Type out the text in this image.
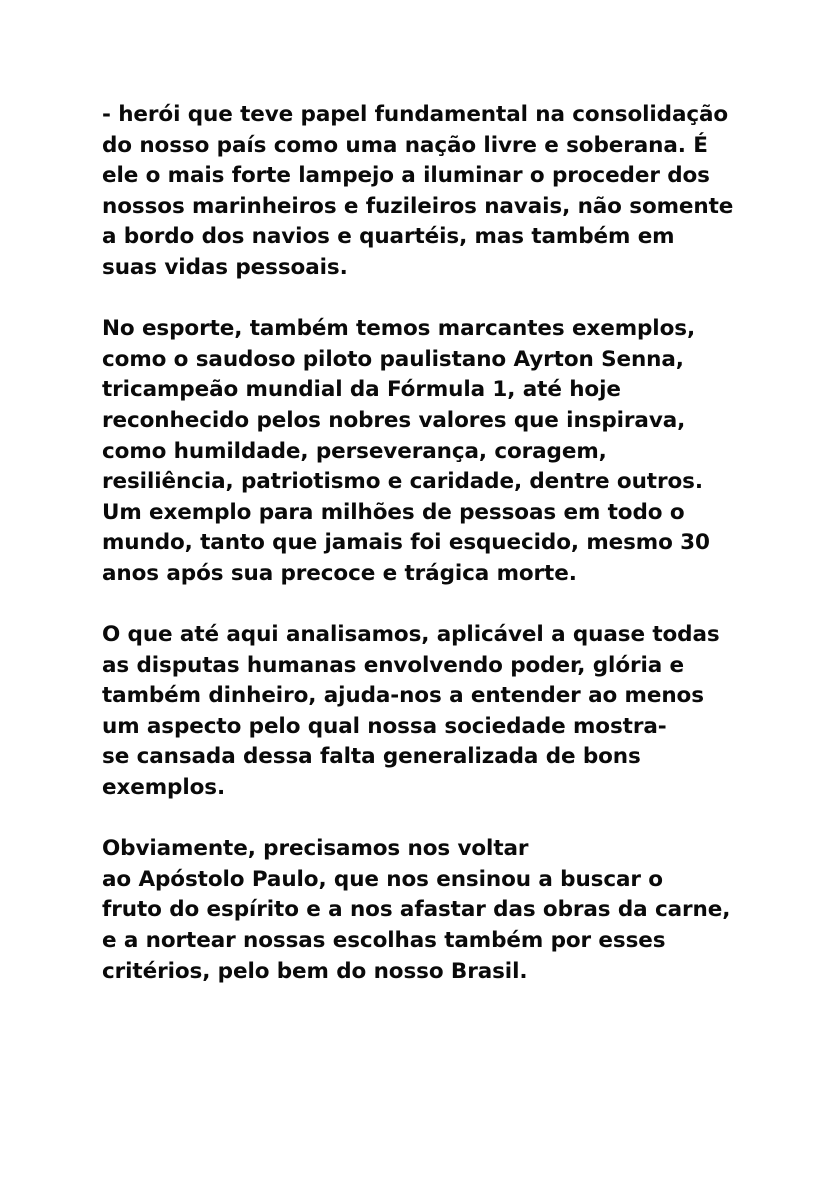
- herói que teve papel fundamental na consolidação
do nosso país como uma nação livre e soberana. É
ele o mais forte lampejo a iluminar o proceder dos
nossos marinheiros e fuzileiros navais, não somente
a bordo dos navios e quartéis, mas também em
suas vidas pessoais.

No esporte, também temos marcantes exemplos,
como o saudoso piloto paulistano Ayrton Senna,
tricampeão mundial da Fórmula 1, até hoje
reconhecido pelos nobres valores que inspirava,
como humildade, perseverança, coragem,
resiliência, patriotismo e caridade, dentre outros.
Um exemplo para milhões de pessoas em todo o
mundo, tanto que jamais foi esquecido, mesmo 30
anos após sua precoce e trágica morte.

O que até aqui analisamos, aplicável a quase todas
as disputas humanas envolvendo poder, glória e
também dinheiro, ajuda-nos a entender ao menos
um aspecto pelo qual nossa sociedade mostra-
se cansada dessa falta generalizada de bons
exemplos.

Obviamente, precisamos nos voltar
ao Apóstolo Paulo, que nos ensinou a buscar o
fruto do espírito e a nos afastar das obras da carne,
e a nortear nossas escolhas também por esses
critérios, pelo bem do nosso Brasil.
